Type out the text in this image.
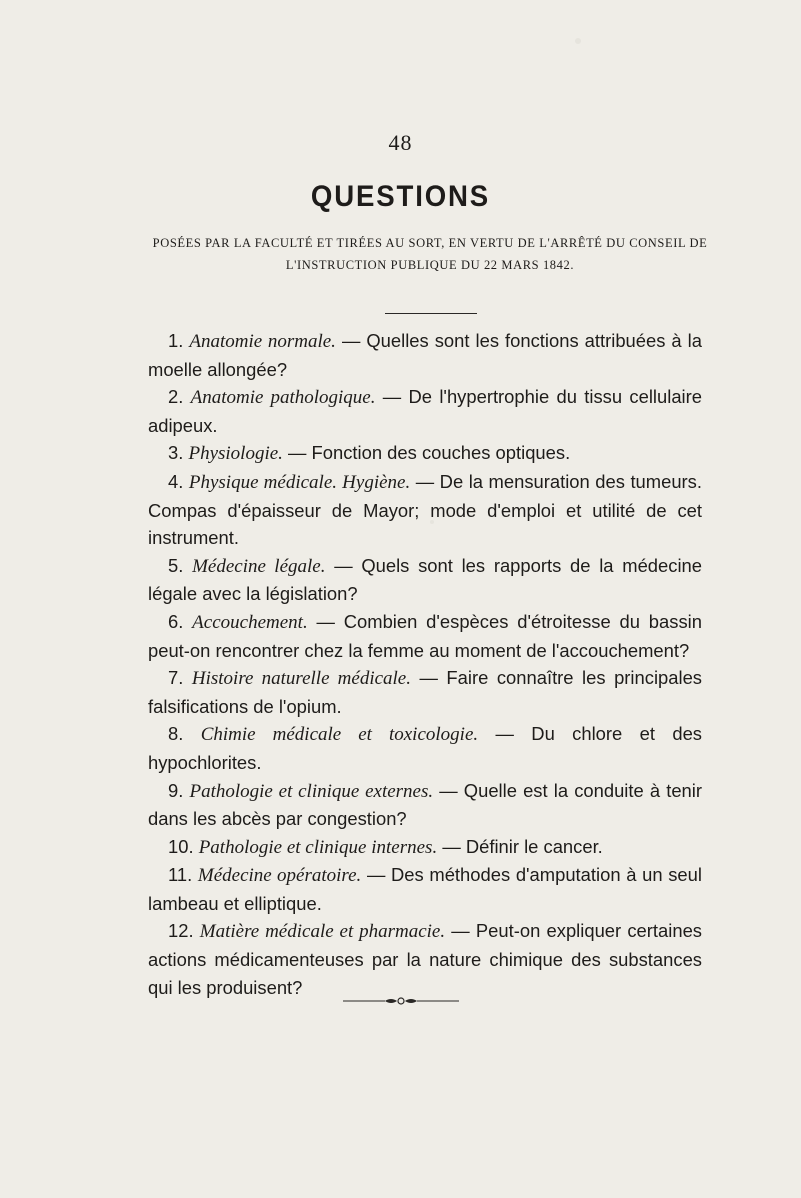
48
QUESTIONS
POSÉES PAR LA FACULTÉ ET TIRÉES AU SORT, EN VERTU DE L'ARRÊTÉ DU CONSEIL DE
L'INSTRUCTION PUBLIQUE DU 22 MARS 1842.
1. Anatomie normale. — Quelles sont les fonctions attribuées à la moelle allongée?
2. Anatomie pathologique. — De l'hypertrophie du tissu cellulaire adipeux.
3. Physiologie. — Fonction des couches optiques.
4. Physique médicale. Hygiène. — De la mensuration des tumeurs. Compas d'épaisseur de Mayor; mode d'emploi et utilité de cet instrument.
5. Médecine légale. — Quels sont les rapports de la médecine légale avec la législation?
6. Accouchement. — Combien d'espèces d'étroitesse du bassin peut-on rencontrer chez la femme au moment de l'accouchement?
7. Histoire naturelle médicale. — Faire connaître les principales falsifications de l'opium.
8. Chimie médicale et toxicologie. — Du chlore et des hypochlorites.
9. Pathologie et clinique externes. — Quelle est la conduite à tenir dans les abcès par congestion?
10. Pathologie et clinique internes. — Définir le cancer.
11. Médecine opératoire. — Des méthodes d'amputation à un seul lambeau et elliptique.
12. Matière médicale et pharmacie. — Peut-on expliquer certaines actions médicamenteuses par la nature chimique des substances qui les produisent?
